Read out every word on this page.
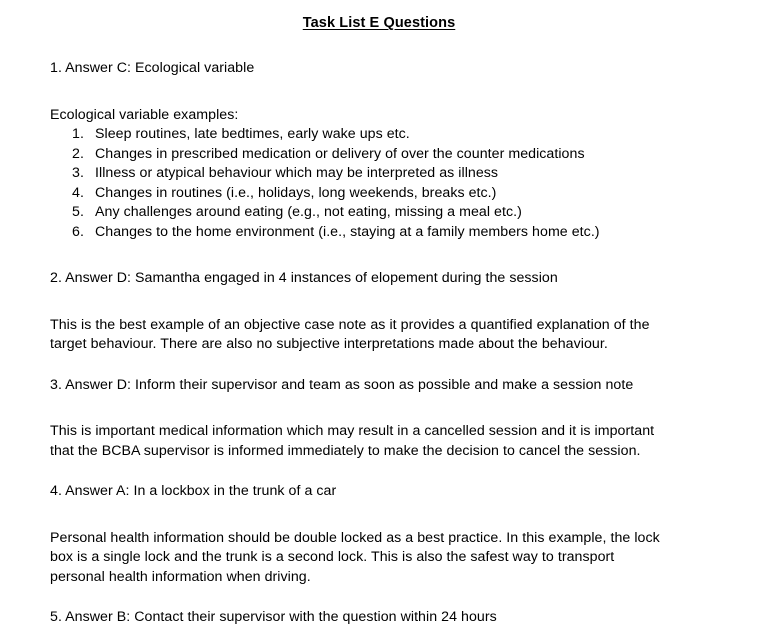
Task List E Questions

1. Answer C: Ecological variable

Ecological variable examples:

1. Sleep routines, late bedtimes, early wake ups etc.
2. Changes in prescribed medication or delivery of over the counter medications
3. Illness or atypical behaviour which may be interpreted as illness
4. Changes in routines (i.e., holidays, long weekends, breaks etc.)
5. Any challenges around eating (e.g., not eating, missing a meal etc.)
6. Changes to the home environment (i.e., staying at a family members home etc.)

2. Answer D: Samantha engaged in 4 instances of elopement during the session

This is the best example of an objective case note as it provides a quantified explanation of the target behaviour. There are also no subjective interpretations made about the behaviour.

3. Answer D: Inform their supervisor and team as soon as possible and make a session note

This is important medical information which may result in a cancelled session and it is important that the BCBA supervisor is informed immediately to make the decision to cancel the session.

4. Answer A: In a lockbox in the trunk of a car

Personal health information should be double locked as a best practice. In this example, the lock box is a single lock and the trunk is a second lock. This is also the safest way to transport personal health information when driving.

5. Answer B: Contact their supervisor with the question within 24 hours
